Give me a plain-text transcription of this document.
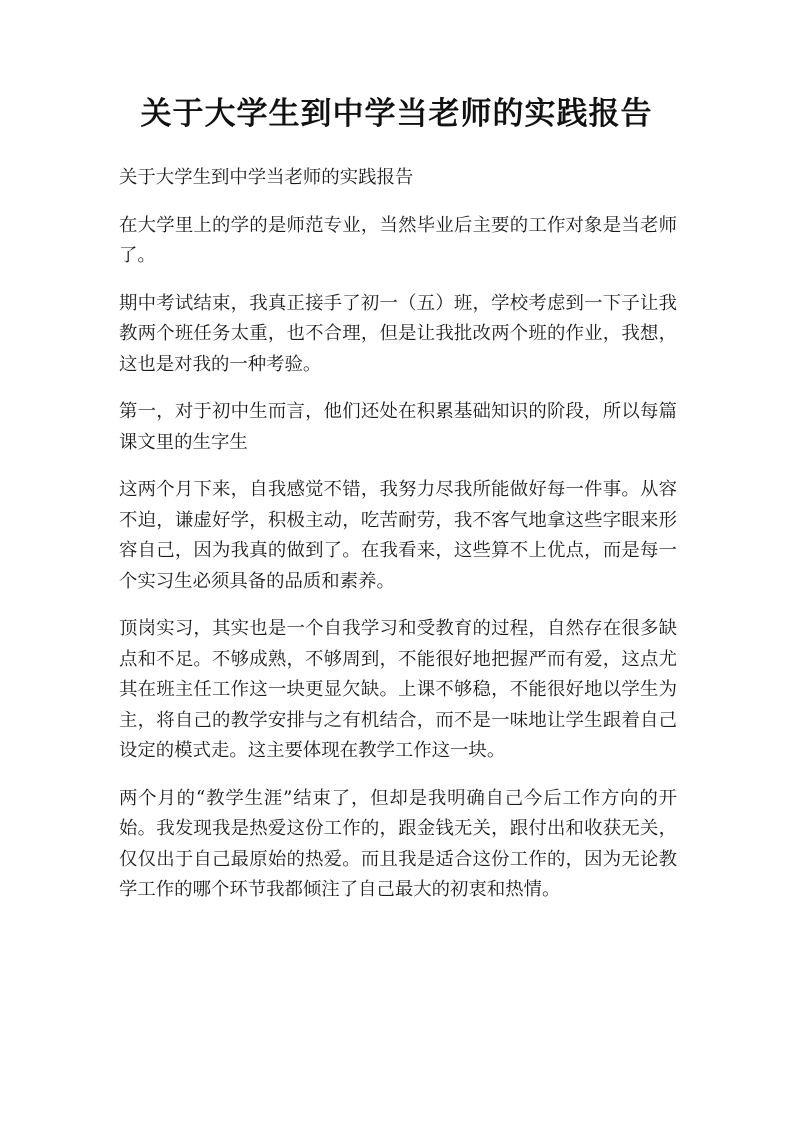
关于大学生到中学当老师的实践报告

关于大学生到中学当老师的实践报告

在大学里上的学的是师范专业，当然毕业后主要的工作对象是当老师了。

期中考试结束，我真正接手了初一（五）班，学校考虑到一下子让我教两个班任务太重，也不合理，但是让我批改两个班的作业，我想，这也是对我的一种考验。

第一，对于初中生而言，他们还处在积累基础知识的阶段，所以每篇课文里的生字生

这两个月下来，自我感觉不错，我努力尽我所能做好每一件事。从容不迫，谦虚好学，积极主动，吃苦耐劳，我不客气地拿这些字眼来形容自己，因为我真的做到了。在我看来，这些算不上优点，而是每一个实习生必须具备的品质和素养。

顶岗实习，其实也是一个自我学习和受教育的过程，自然存在很多缺点和不足。不够成熟，不够周到，不能很好地把握严而有爱，这点尤其在班主任工作这一块更显欠缺。上课不够稳，不能很好地以学生为主，将自己的教学安排与之有机结合，而不是一味地让学生跟着自己设定的模式走。这主要体现在教学工作这一块。

两个月的“教学生涯”结束了，但却是我明确自己今后工作方向的开始。我发现我是热爱这份工作的，跟金钱无关，跟付出和收获无关，仅仅出于自己最原始的热爱。而且我是适合这份工作的，因为无论教学工作的哪个环节我都倾注了自己最大的初衷和热情。
